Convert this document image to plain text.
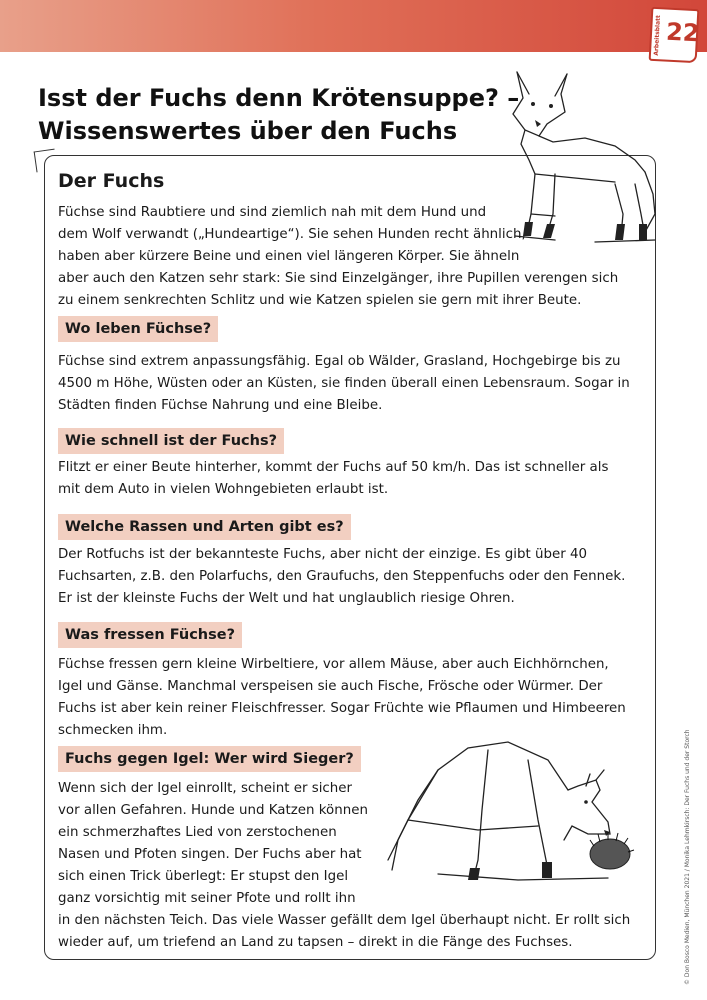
Arbeitsblatt 22
Isst der Fuchs denn Krötensuppe? –
Wissenswertes über den Fuchs
Der Fuchs

Füchse sind Raubtiere und sind ziemlich nah mit dem Hund und
dem Wolf verwandt („Hundeartige“). Sie sehen Hunden recht ähnlich,
haben aber kürzere Beine und einen viel längeren Körper. Sie ähneln
aber auch den Katzen sehr stark: Sie sind Einzelgänger, ihre Pupillen verengen sich
zu einem senkrechten Schlitz und wie Katzen spielen sie gern mit ihrer Beute.

Wo leben Füchse?

Füchse sind extrem anpassungsfähig. Egal ob Wälder, Grasland, Hochgebirge bis zu
4500 m Höhe, Wüsten oder an Küsten, sie finden überall einen Lebensraum. Sogar in
Städten finden Füchse Nahrung und eine Bleibe.

Wie schnell ist der Fuchs?

Flitzt er einer Beute hinterher, kommt der Fuchs auf 50 km/h. Das ist schneller als
mit dem Auto in vielen Wohngebieten erlaubt ist.

Welche Rassen und Arten gibt es?

Der Rotfuchs ist der bekannteste Fuchs, aber nicht der einzige. Es gibt über 40
Fuchsarten, z.B. den Polarfuchs, den Graufuchs, den Steppenfuchs oder den Fennek.
Er ist der kleinste Fuchs der Welt und hat unglaublich riesige Ohren.

Was fressen Füchse?

Füchse fressen gern kleine Wirbeltiere, vor allem Mäuse, aber auch Eichhörnchen,
Igel und Gänse. Manchmal verspeisen sie auch Fische, Frösche oder Würmer. Der
Fuchs ist aber kein reiner Fleischfresser. Sogar Früchte wie Pflaumen und Himbeeren
schmecken ihm.

Fuchs gegen Igel: Wer wird Sieger?

Wenn sich der Igel einrollt, scheint er sicher
vor allen Gefahren. Hunde und Katzen können
ein schmerzhaftes Lied von zerstochenen
Nasen und Pfoten singen. Der Fuchs aber hat
sich einen Trick überlegt: Er stupst den Igel
ganz vorsichtig mit seiner Pfote und rollt ihn
in den nächsten Teich. Das viele Wasser gefällt dem Igel überhaupt nicht. Er rollt sich
wieder auf, um triefend an Land zu tapsen – direkt in die Fänge des Fuchses.	© Don Bosco Medien, München 2021 / Monika Lehmkirsch: Der Fuchs und der Storch
